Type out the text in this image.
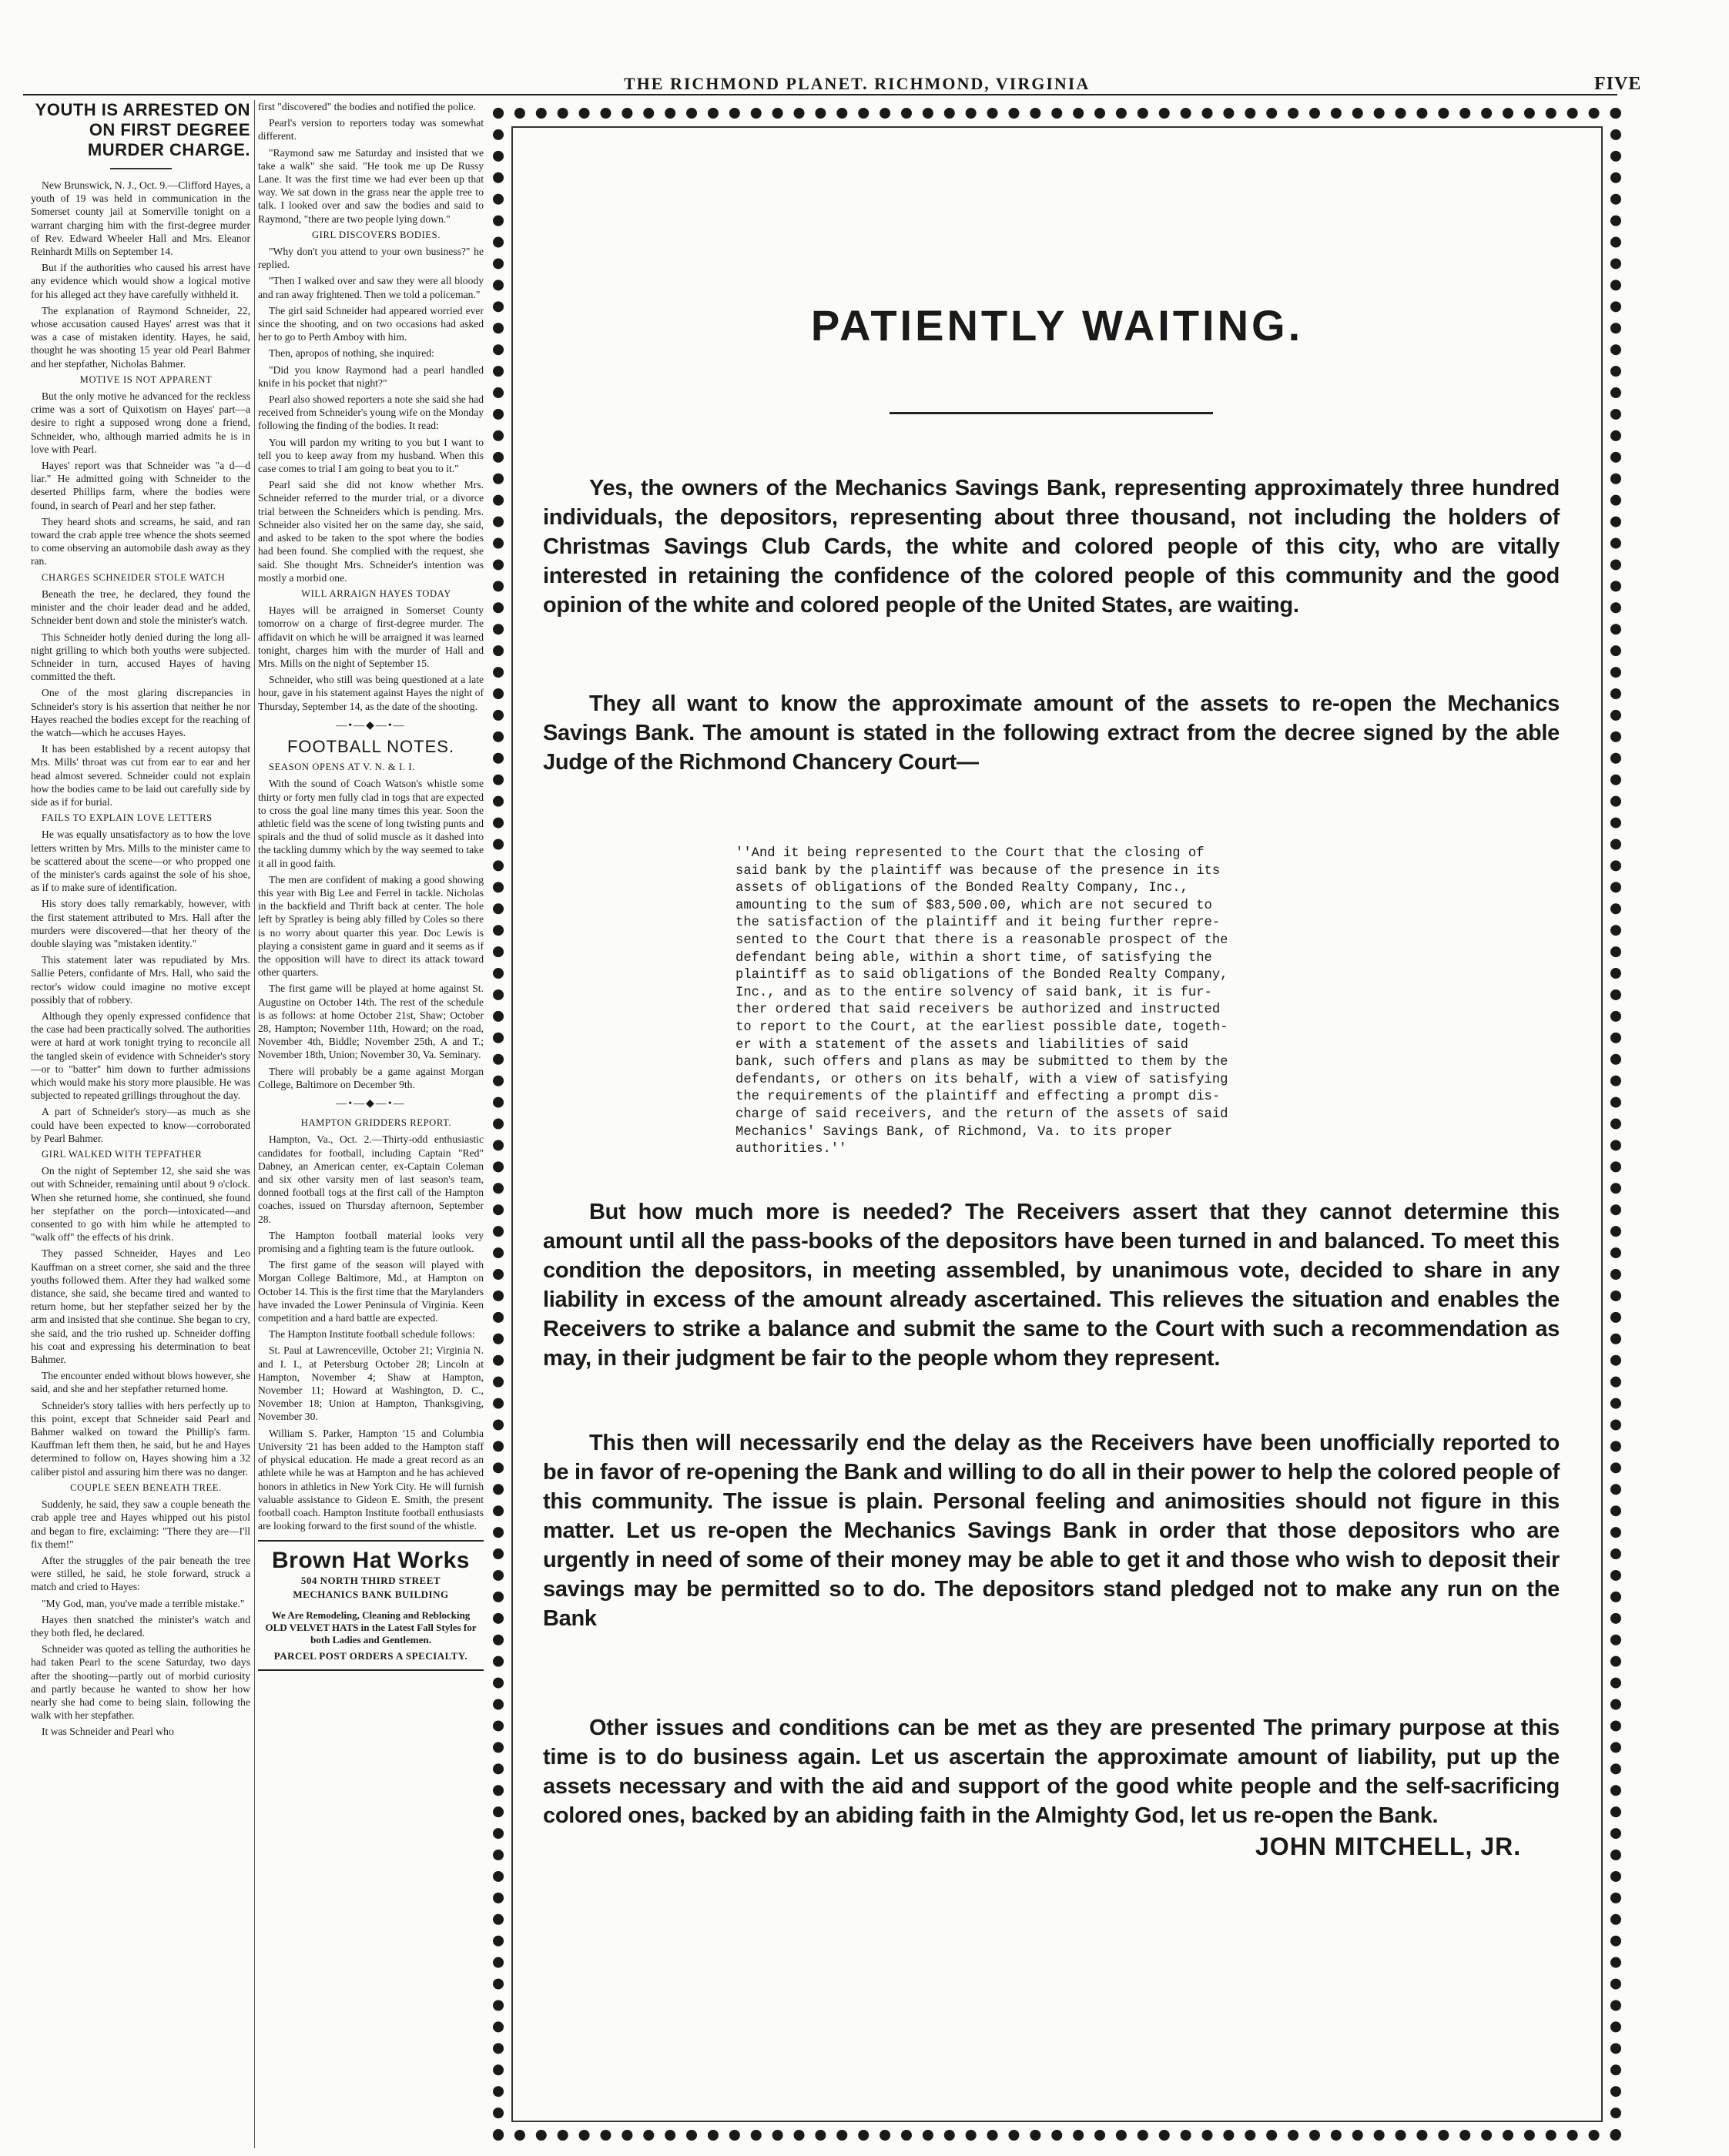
THE RICHMOND PLANET. RICHMOND, VIRGINIA	FIVE
YOUTH IS ARRESTED ON ON FIRST DEGREE MURDER CHARGE.

New Brunswick, N. J., Oct. 9.—Clifford Hayes, a youth of 19 was held in communication in the Somerset county jail at Somerville tonight on a warrant charging him with the first-degree murder of Rev. Edward Wheeler Hall and Mrs. Eleanor Reinhardt Mills on September 14.

But if the authorities who caused his arrest have any evidence which would show a logical motive for his alleged act they have carefully withheld it.

The explanation of Raymond Schneider, 22, whose accusation caused Hayes' arrest was that it was a case of mistaken identity. Hayes, he said, thought he was shooting 15 year old Pearl Bahmer and her stepfather, Nicholas Bahmer.

MOTIVE IS NOT APPARENT

But the only motive he advanced for the reckless crime was a sort of Quixotism on Hayes' part—a desire to right a supposed wrong done a friend, Schneider, who, although married admits he is in love with Pearl.

Hayes' report was that Schneider was "a d—d liar." He admitted going with Schneider to the deserted Phillips farm, where the bodies were found, in search of Pearl and her step father.

They heard shots and screams, he said, and ran toward the crab apple tree whence the shots seemed to come observing an automobile dash away as they ran.

CHARGES SCHNEIDER STOLE WATCH

Beneath the tree, he declared, they found the minister and the choir leader dead and he added, Schneider bent down and stole the minister's watch.

This Schneider hotly denied during the long all-night grilling to which both youths were subjected. Schneider in turn, accused Hayes of having committed the theft.

One of the most glaring discrepancies in Schneider's story is his assertion that neither he nor Hayes reached the bodies except for the reaching of the watch—which he accuses Hayes.

It has been established by a recent autopsy that Mrs. Mills' throat was cut from ear to ear and her head almost severed. Schneider could not explain how the bodies came to be laid out carefully side by side as if for burial.

FAILS TO EXPLAIN LOVE LETTERS

He was equally unsatisfactory as to how the love letters written by Mrs. Mills to the minister came to be scattered about the scene—or who propped one of the minister's cards against the sole of his shoe, as if to make sure of identification.

His story does tally remarkably, however, with the first statement attributed to Mrs. Hall after the murders were discovered—that her theory of the double slaying was "mistaken identity."

This statement later was repudiated by Mrs. Sallie Peters, confidante of Mrs. Hall, who said the rector's widow could imagine no motive except possibly that of robbery.

Although they openly expressed confidence that the case had been practically solved. The authorities were at hard at work tonight trying to reconcile all the tangled skein of evidence with Schneider's story—or to "batter" him down to further admissions which would make his story more plausible. He was subjected to repeated grillings throughout the day.

A part of Schneider's story—as much as she could have been expected to know—corroborated by Pearl Bahmer.

GIRL WALKED WITH TEPFATHER

On the night of September 12, she said she was out with Schneider, remaining until about 9 o'clock. When she returned home, she continued, she found her stepfather on the porch—intoxicated—and consented to go with him while he attempted to "walk off" the effects of his drink.

They passed Schneider, Hayes and Leo Kauffman on a street corner, she said and the three youths followed them. After they had walked some distance, she said, she became tired and wanted to return home, but her stepfather seized her by the arm and insisted that she continue. She began to cry, she said, and the trio rushed up. Schneider doffing his coat and expressing his determination to beat Bahmer.

The encounter ended without blows however, she said, and she and her stepfather returned home.

Schneider's story tallies with hers perfectly up to this point, except that Schneider said Pearl and Bahmer walked on toward the Phillip's farm. Kauffman left them then, he said, but he and Hayes determined to follow on, Hayes showing him a 32 caliber pistol and assuring him there was no danger.

COUPLE SEEN BENEATH TREE.

Suddenly, he said, they saw a couple beneath the crab apple tree and Hayes whipped out his pistol and began to fire, exclaiming: "There they are—I'll fix them!"

After the struggles of the pair beneath the tree were stilled, he said, he stole forward, struck a match and cried to Hayes:

"My God, man, you've made a terrible mistake."

Hayes then snatched the minister's watch and they both fled, he declared.

Schneider was quoted as telling the authorities he had taken Pearl to the scene Saturday, two days after the shooting—partly out of morbid curiosity and partly because he wanted to show her how nearly she had come to being slain, following the walk with her stepfather.

It was Schneider and Pearl who

first "discovered" the bodies and notified the police.

Pearl's version to reporters today was somewhat different.

"Raymond saw me Saturday and insisted that we take a walk" she said. "He took me up De Russy Lane. It was the first time we had ever been up that way. We sat down in the grass near the apple tree to talk. I looked over and saw the bodies and said to Raymond, "there are two people lying down."

GIRL DISCOVERS BODIES.

"Why don't you attend to your own business?" he replied.

"Then I walked over and saw they were all bloody and ran away frightened. Then we told a policeman."

The girl said Schneider had appeared worried ever since the shooting, and on two occasions had asked her to go to Perth Amboy with him.

Then, apropos of nothing, she inquired:

"Did you know Raymond had a pearl handled knife in his pocket that night?"

Pearl also showed reporters a note she said she had received from Schneider's young wife on the Monday following the finding of the bodies. It read:

You will pardon my writing to you but I want to tell you to keep away from my husband. When this case comes to trial I am going to beat you to it."

Pearl said she did not know whether Mrs. Schneider referred to the murder trial, or a divorce trial between the Schneiders which is pending. Mrs. Schneider also visited her on the same day, she said, and asked to be taken to the spot where the bodies had been found. She complied with the request, she said. She thought Mrs. Schneider's intention was mostly a morbid one.

WILL ARRAIGN HAYES TODAY

Hayes will be arraigned in Somerset County tomorrow on a charge of first-degree murder. The affidavit on which he will be arraigned it was learned tonight, charges him with the murder of Hall and Mrs. Mills on the night of September 15.

Schneider, who still was being questioned at a late hour, gave in his statement against Hayes the night of Thursday, September 14, as the date of the shooting.

—•—◆—•—
FOOTBALL NOTES.

SEASON OPENS AT V. N. & I. I.

With the sound of Coach Watson's whistle some thirty or forty men fully clad in togs that are expected to cross the goal line many times this year. Soon the athletic field was the scene of long twisting punts and spirals and the thud of solid muscle as it dashed into the tackling dummy which by the way seemed to take it all in good faith.

The men are confident of making a good showing this year with Big Lee and Ferrel in tackle. Nicholas in the backfield and Thrift back at center. The hole left by Spratley is being ably filled by Coles so there is no worry about quarter this year. Doc Lewis is playing a consistent game in guard and it seems as if the opposition will have to direct its attack toward other quarters.

The first game will be played at home against St. Augustine on October 14th. The rest of the schedule is as follows: at home October 21st, Shaw; October 28, Hampton; November 11th, Howard; on the road, November 4th, Biddle; November 25th, A and T.; November 18th, Union; November 30, Va. Seminary.

There will probably be a game against Morgan College, Baltimore on December 9th.

—•—◆—•—

HAMPTON GRIDDERS REPORT.

Hampton, Va., Oct. 2.—Thirty-odd enthusiastic candidates for football, including Captain "Red" Dabney, an American center, ex-Captain Coleman and six other varsity men of last season's team, donned football togs at the first call of the Hampton coaches, issued on Thursday afternoon, September 28.

The Hampton football material looks very promising and a fighting team is the future outlook.

The first game of the season will played with Morgan College Baltimore, Md., at Hampton on October 14. This is the first time that the Marylanders have invaded the Lower Peninsula of Virginia. Keen competition and a hard battle are expected.

The Hampton Institute football schedule follows:

St. Paul at Lawrenceville, October 21; Virginia N. and I. I., at Petersburg October 28; Lincoln at Hampton, November 4; Shaw at Hampton, November 11; Howard at Washington, D. C., November 18; Union at Hampton, Thanksgiving, November 30.

William S. Parker, Hampton '15 and Columbia University '21 has been added to the Hampton staff of physical education. He made a great record as an athlete while he was at Hampton and he has achieved honors in athletics in New York City. He will furnish valuable assistance to Gideon E. Smith, the present football coach. Hampton Institute football enthusiasts are looking forward to the first sound of the whistle.

Brown Hat Works
504 NORTH THIRD STREET
MECHANICS BANK BUILDING
We Are Remodeling, Cleaning and Reblocking OLD VELVET HATS in the Latest Fall Styles for both Ladies and Gentlemen.
PARCEL POST ORDERS A SPECIALTY.
PATIENTLY WAITING.
Yes, the owners of the Mechanics Savings Bank, representing approximately three hundred individuals, the depositors, representing about three thousand, not including the holders of Christmas Savings Club Cards, the white and colored people of this city, who are vitally interested in retaining the confidence of the colored people of this community and the good opinion of the white and colored people of the United States, are waiting.
They all want to know the approximate amount of the assets to re-open the Mechanics Savings Bank. The amount is stated in the following extract from the decree signed by the able Judge of the Richmond Chancery Court—
''And it being represented to the Court that the closing of
said bank by the plaintiff was because of the presence in its
assets of obligations of the Bonded Realty Company, Inc.,
amounting to the sum of $83,500.00, which are not secured to
the satisfaction of the plaintiff and it being further repre-
sented to the Court that there is a reasonable prospect of the
defendant being able, within a short time, of satisfying the
plaintiff as to said obligations of the Bonded Realty Company,
Inc., and as to the entire solvency of said bank, it is fur-
ther ordered that said receivers be authorized and instructed
to report to the Court, at the earliest possible date, togeth-
er with a statement of the assets and liabilities of said
bank, such offers and plans as may be submitted to them by the
defendants, or others on its behalf, with a view of satisfying
the requirements of the plaintiff and effecting a prompt dis-
charge of said receivers, and the return of the assets of said
Mechanics' Savings Bank, of Richmond, Va. to its proper
authorities.''
But how much more is needed? The Receivers assert that they cannot determine this amount until all the pass-books of the depositors have been turned in and balanced. To meet this condition the depositors, in meeting assembled, by unanimous vote, decided to share in any liability in excess of the amount already ascertained. This relieves the situation and enables the Receivers to strike a balance and submit the same to the Court with such a recommendation as may, in their judgment be fair to the people whom they represent.
This then will necessarily end the delay as the Receivers have been unofficially reported to be in favor of re-opening the Bank and willing to do all in their power to help the colored people of this community. The issue is plain. Personal feeling and animosities should not figure in this matter. Let us re-open the Mechanics Savings Bank in order that those depositors who are urgently in need of some of their money may be able to get it and those who wish to deposit their savings may be permitted so to do. The depositors stand pledged not to make any run on the Bank
Other issues and conditions can be met as they are presented The primary purpose at this time is to do business again. Let us ascertain the approximate amount of liability, put up the assets necessary and with the aid and support of the good white people and the self-sacrificing colored ones, backed by an abiding faith in the Almighty God, let us re-open the Bank.
JOHN MITCHELL, JR.
